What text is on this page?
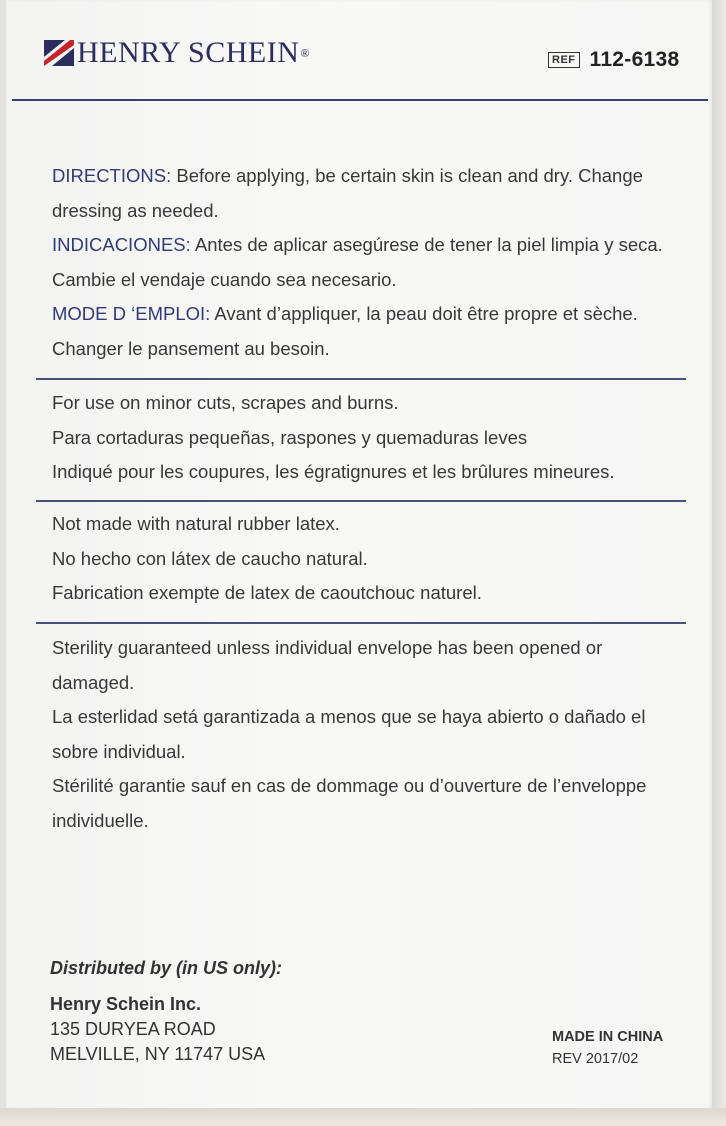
HENRY SCHEIN®	REF 112-6138

DIRECTIONS: Before applying, be certain skin is clean and dry. Change

dressing as needed.

INDICACIONES: Antes de aplicar asegúrese de tener la piel limpia y seca.

Cambie el vendaje cuando sea necesario.

MODE D ‘EMPLOI: Avant d’appliquer, la peau doit être propre et sèche.

Changer le pansement au besoin.

For use on minor cuts, scrapes and burns.

Para cortaduras pequeñas, raspones y quemaduras leves

Indiqué pour les coupures, les égratignures et les brûlures mineures.

Not made with natural rubber latex.

No hecho con látex de caucho natural.

Fabrication exempte de latex de caoutchouc naturel.

Sterility guaranteed unless individual envelope has been opened or

damaged.

La esterlidad setá garantizada a menos que se haya abierto o dañado el

sobre individual.

Stérilité garantie sauf en cas de dommage ou d’ouverture de l’enveloppe

individuelle.

Distributed by (in US only):
Henry Schein Inc.
135 DURYEA ROAD
MELVILLE, NY 11747 USA
MADE IN CHINA
REV 2017/02
